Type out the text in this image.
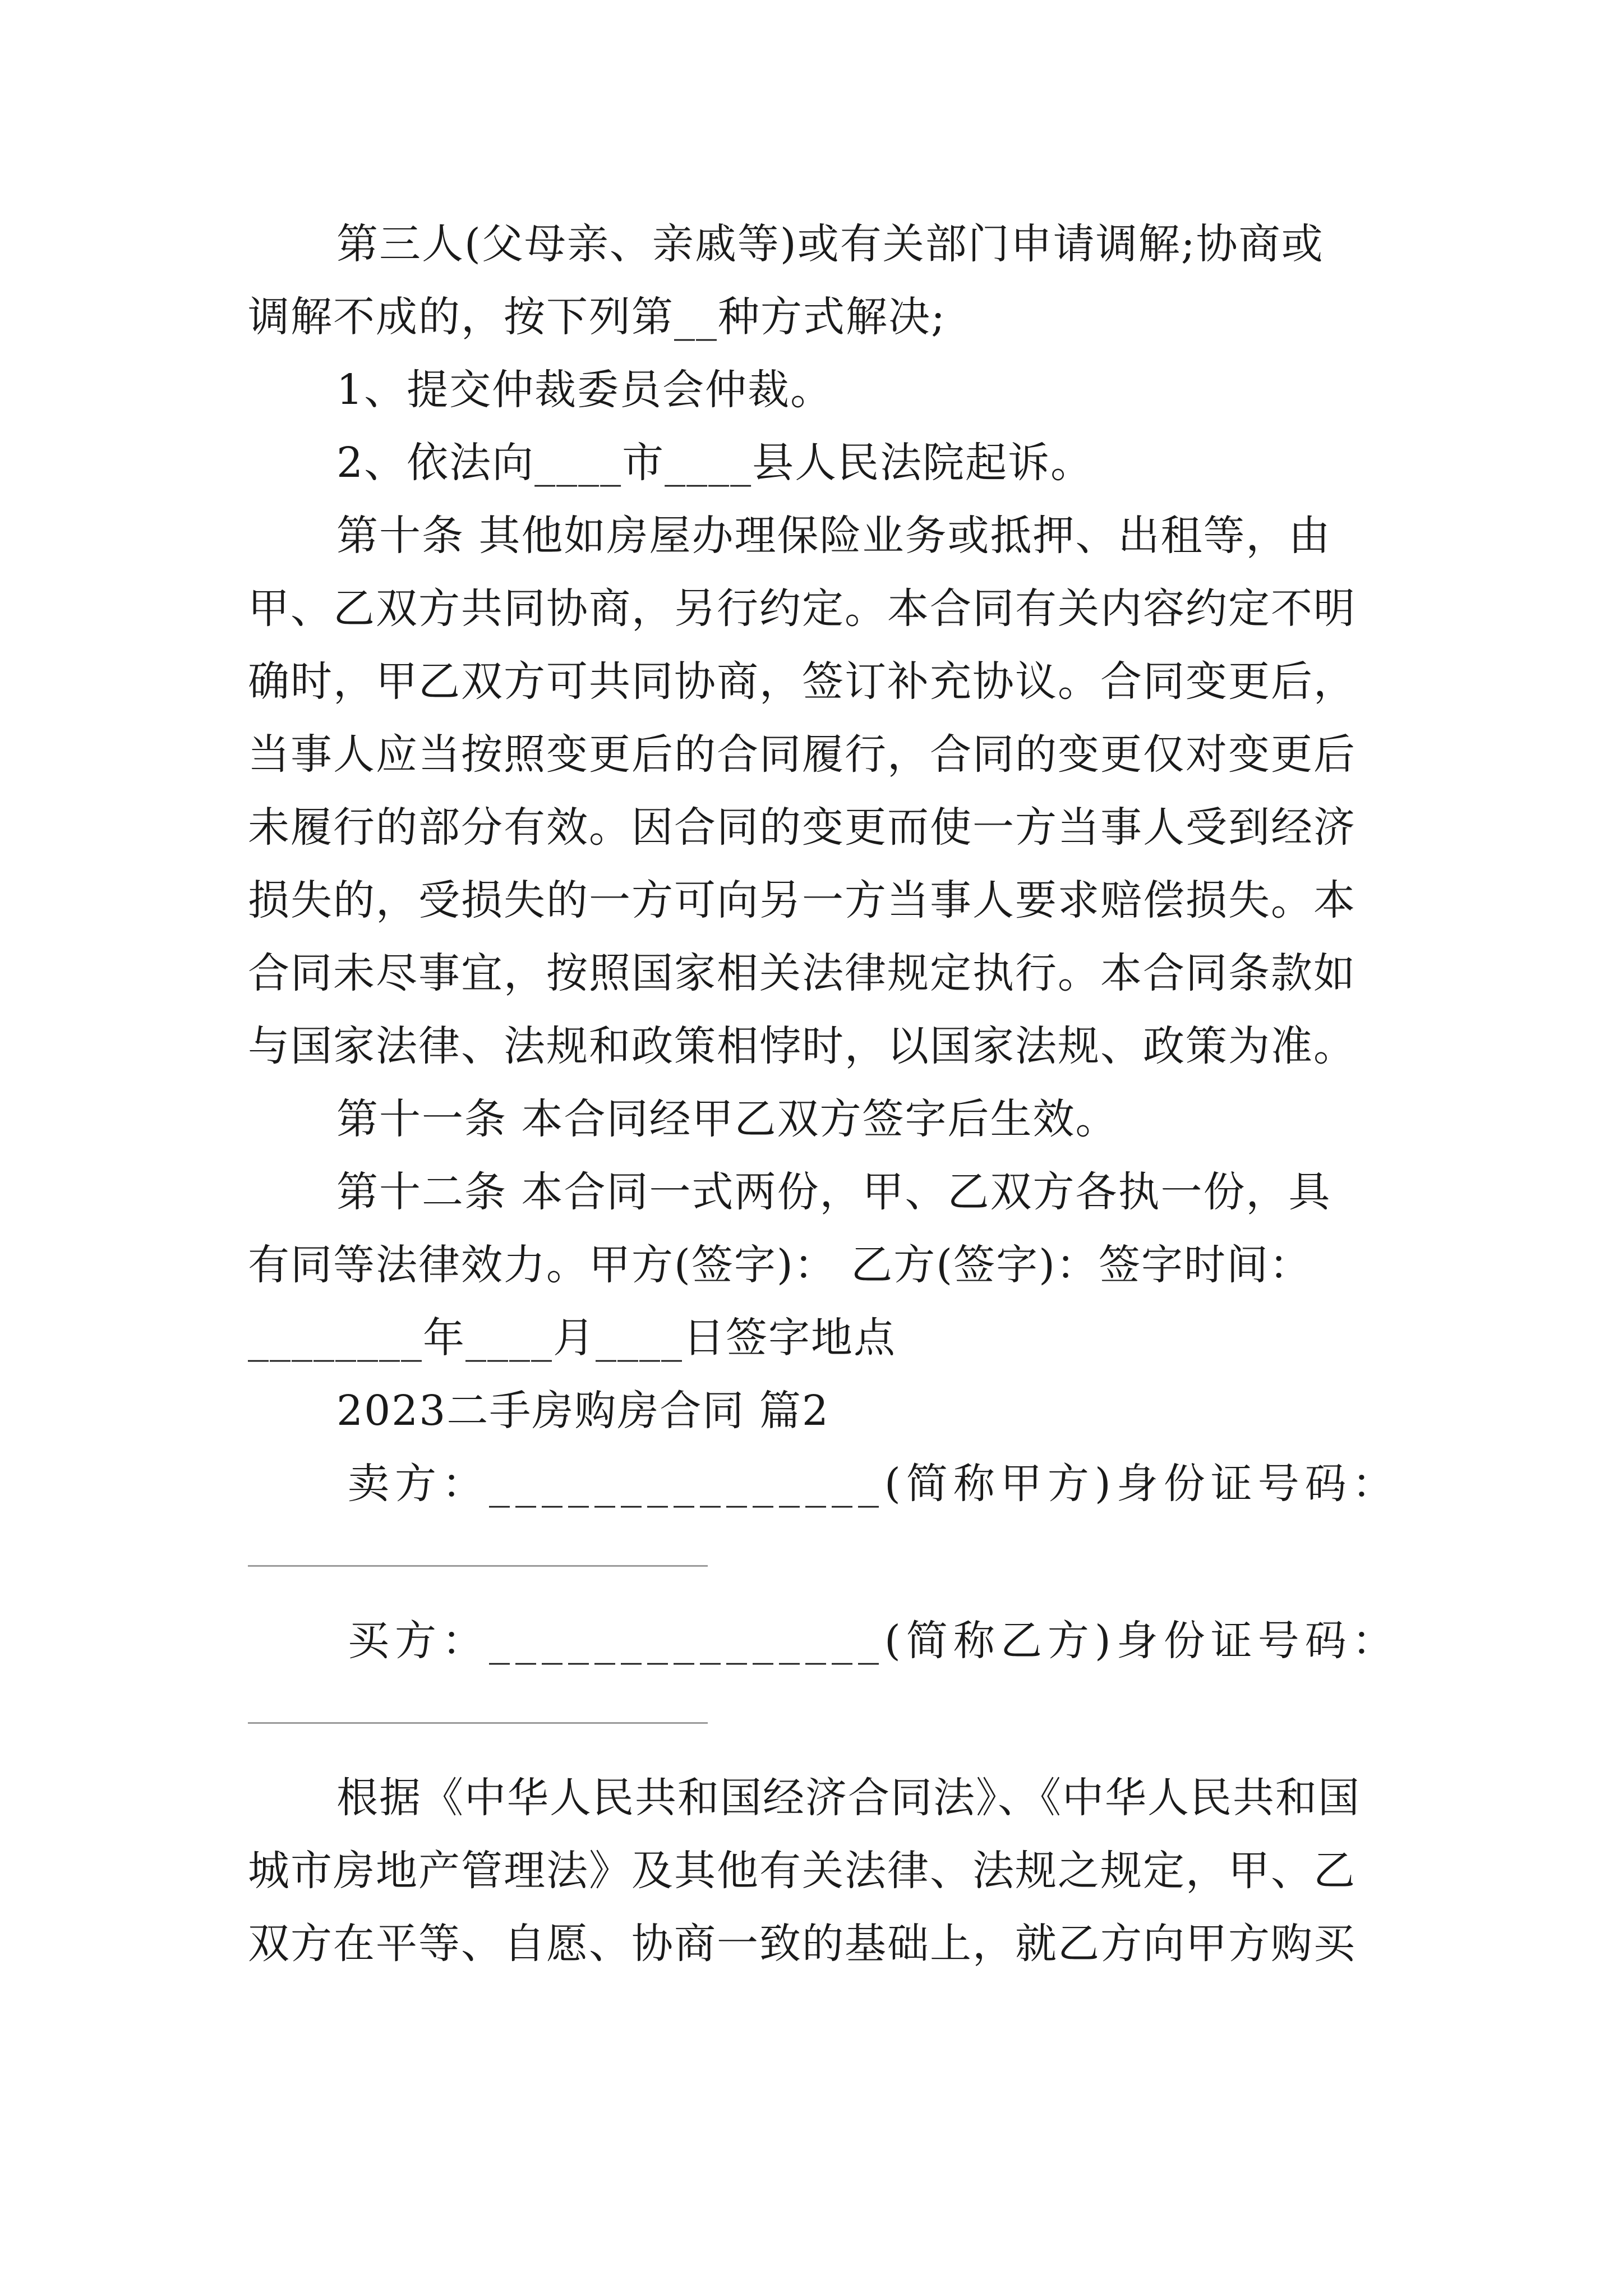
第三人(父母亲、亲戚等)或有关部门申请调解;协商或
调解不成的，按下列第__种方式解决;
1、提交仲裁委员会仲裁。
2、依法向____市____县人民法院起诉。
第十条 其他如房屋办理保险业务或抵押、出租等，由
甲、乙双方共同协商，另行约定。本合同有关内容约定不明
确时，甲乙双方可共同协商，签订补充协议。合同变更后，
当事人应当按照变更后的合同履行，合同的变更仅对变更后
未履行的部分有效。因合同的变更而使一方当事人受到经济
损失的，受损失的一方可向另一方当事人要求赔偿损失。本
合同未尽事宜，按照国家相关法律规定执行。本合同条款如
与国家法律、法规和政策相悖时，以国家法规、政策为准。
第十一条 本合同经甲乙双方签字后生效。
第十二条 本合同一式两份，甲、乙双方各执一份，具
有同等法律效力。甲方(签字)： 乙方(签字)：签字时间：
________年____月____日签字地点
2023二手房购房合同 篇2
卖方：_______________(简称甲方)身份证号码：
买方：_______________(简称乙方)身份证号码：
根据《中华人民共和国经济合同法》、《中华人民共和国
城市房地产管理法》及其他有关法律、法规之规定，甲、乙
双方在平等、自愿、协商一致的基础上，就乙方向甲方购买
